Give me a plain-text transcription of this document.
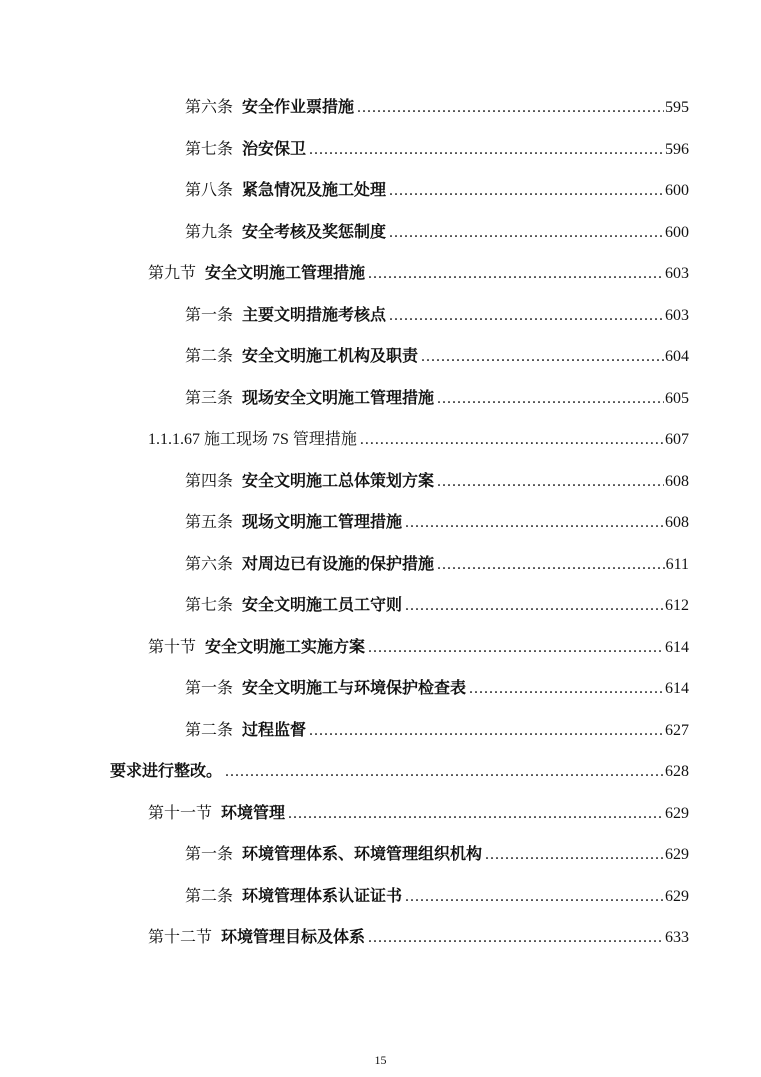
第六条 安全作业票措施 .....	595
第七条 治安保卫 .....	596
第八条 紧急情况及施工处理 .....	600
第九条 安全考核及奖惩制度 .....	600
第九节 安全文明施工管理措施 .....	603
第一条 主要文明措施考核点 .....	603
第二条 安全文明施工机构及职责 .....	604
第三条 现场安全文明施工管理措施 .....	605
1.1.1.67 施工现场 7S 管理措施 .....	607
第四条 安全文明施工总体策划方案 .....	608
第五条 现场文明施工管理措施 .....	608
第六条 对周边已有设施的保护措施 .....	611
第七条 安全文明施工员工守则 .....	612
第十节 安全文明施工实施方案 .....	614
第一条 安全文明施工与环境保护检查表 .....	614
第二条 过程监督 .....	627
要求进行整改。 .....	628
第十一节 环境管理 .....	629
第一条 环境管理体系、环境管理组织机构 .....	629
第二条 环境管理体系认证证书 .....	629
第十二节 环境管理目标及体系 .....	633
15
